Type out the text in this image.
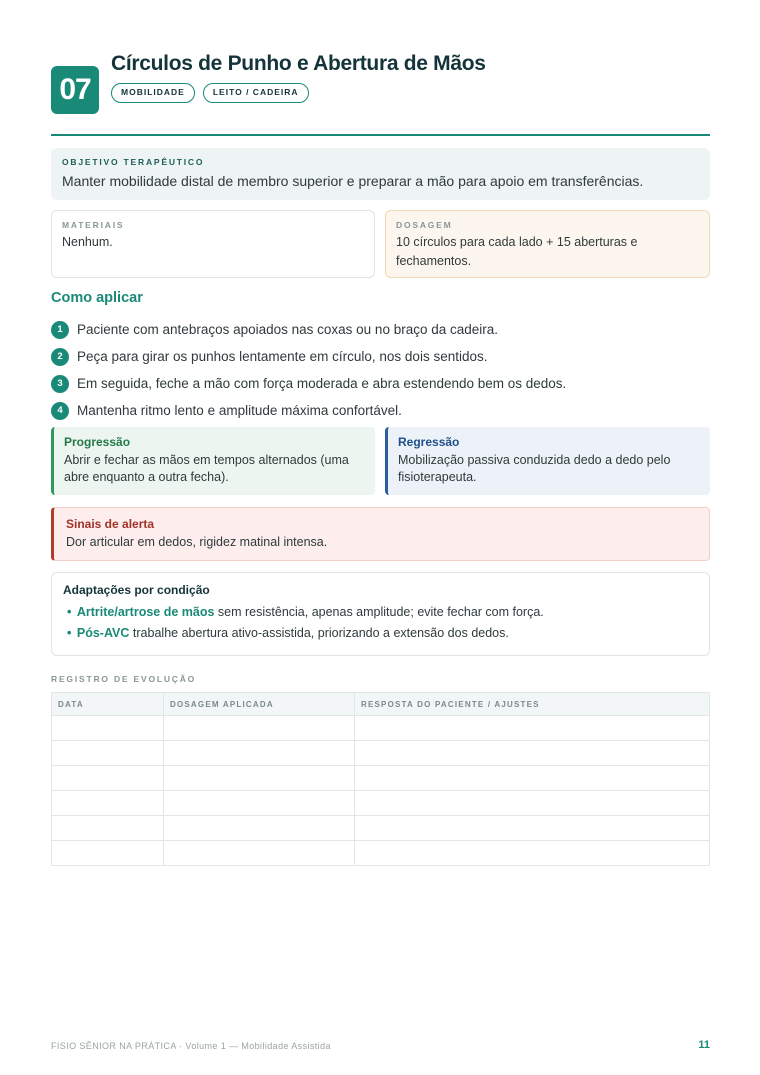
07
Círculos de Punho e Abertura de Mãos
MOBILIDADE	LEITO / CADEIRA
OBJETIVO TERAPÊUTICO
Manter mobilidade distal de membro superior e preparar a mão para apoio em transferências.
MATERIAIS
Nenhum.
DOSAGEM
10 círculos para cada lado + 15 aberturas e fechamentos.
Como aplicar
1	Paciente com antebraços apoiados nas coxas ou no braço da cadeira.
2	Peça para girar os punhos lentamente em círculo, nos dois sentidos.
3	Em seguida, feche a mão com força moderada e abra estendendo bem os dedos.
4	Mantenha ritmo lento e amplitude máxima confortável.
Progressão
Abrir e fechar as mãos em tempos alternados (uma abre enquanto a outra fecha).
Regressão
Mobilização passiva conduzida dedo a dedo pelo fisioterapeuta.
Sinais de alerta
Dor articular em dedos, rigidez matinal intensa.
Adaptações por condição
• Artrite/artrose de mãos sem resistência, apenas amplitude; evite fechar com força.
• Pós-AVC trabalhe abertura ativo-assistida, priorizando a extensão dos dedos.
REGISTRO DE EVOLUÇÃO
DATA	DOSAGEM APLICADA	RESPOSTA DO PACIENTE / AJUSTES

FISIO SÊNIOR NA PRÁTICA · Volume 1 — Mobilidade Assistida	11
